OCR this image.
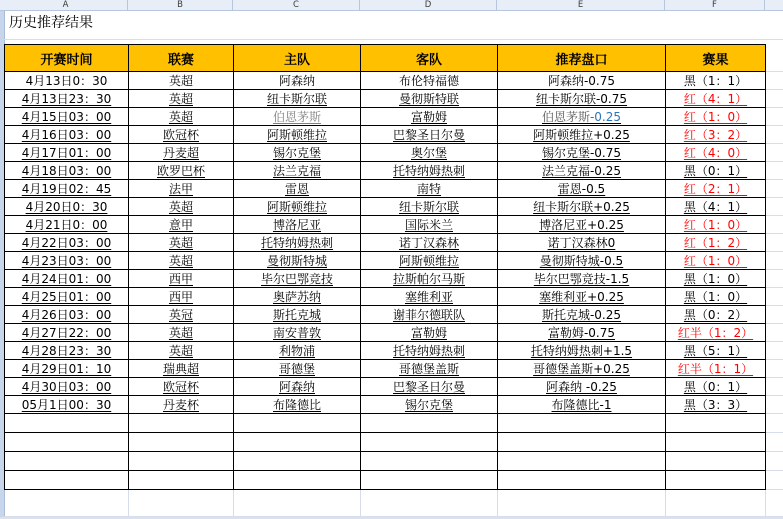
A	B	C	D	E	F
历史推荐结果
开赛时间	联赛	主队	客队	推荐盘口	赛果
4月13日0：30	英超	阿森纳	布伦特福德	阿森纳-0.75	黑（1：1）
4月13日23：30	英超	纽卡斯尔联	曼彻斯特联	纽卡斯尔联-0.75	红（4：1）
4月15日03：00	英超	伯恩茅斯	富勒姆	伯恩茅斯-0.25	红（1：0）
4月16日03：00	欧冠杯	阿斯顿维拉	巴黎圣日尔曼	阿斯顿维拉+0.25	红（3：2）
4月17日01：00	丹麦超	锡尔克堡	奥尔堡	锡尔克堡-0.75	红（4：0）
4月18日03：00	欧罗巴杯	法兰克福	托特纳姆热刺	法兰克福-0.25	黑（0：1）
4月19日02：45	法甲	雷恩	南特	雷恩-0.5	红（2：1）
4月20日0：30	英超	阿斯顿维拉	纽卡斯尔联	纽卡斯尔联+0.25	黑（4：1）
4月21日0：00	意甲	博洛尼亚	国际米兰	博洛尼亚+0.25	红（1：0）
4月22日03：00	英超	托特纳姆热刺	诺丁汉森林	诺丁汉森林0	红（1：2）
4月23日03：00	英超	曼彻斯特城	阿斯顿维拉	曼彻斯特城-0.5	红（1：0）
4月24日01：00	西甲	毕尔巴鄂竞技	拉斯帕尔马斯	毕尔巴鄂竞技-1.5	黑（1：0）
4月25日01：00	西甲	奥萨苏纳	塞维利亚	塞维利亚+0.25	黑（1：0）
4月26日03：00	英冠	斯托克城	谢菲尔德联队	斯托克城-0.25	黑（0：2）
4月27日22：00	英超	南安普敦	富勒姆	富勒姆-0.75	红半（1：2）
4月28日23：30	英超	利物浦	托特纳姆热刺	托特纳姆热刺+1.5	黑（5：1）
4月29日01：10	瑞典超	哥德堡	哥德堡盖斯	哥德堡盖斯+0.25	红半（1：1）
4月30日03：00	欧冠杯	阿森纳	巴黎圣日尔曼	阿森纳 -0.25	黑（0：1）
05月1日00：30	丹麦杯	布隆德比	锡尔克堡	布隆德比-1	黑（3：3）
